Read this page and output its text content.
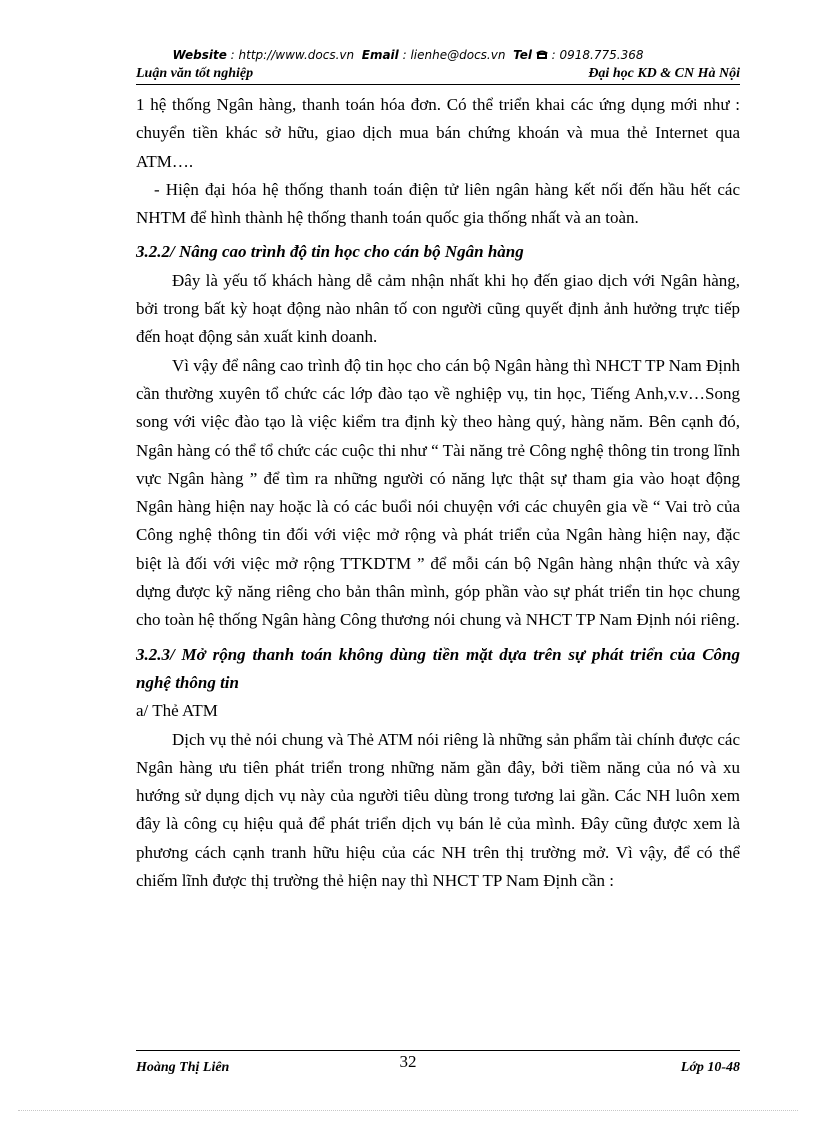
Website : http://www.docs.vn Email : lienhe@docs.vn Tel : 0918.775.368
Luận văn tốt nghiệp	Đại học KD & CN Hà Nội

1 hệ thống Ngân hàng, thanh toán hóa đơn. Có thể triển khai các ứng dụng mới như : chuyển tiền khác sở hữu, giao dịch mua bán chứng khoán và mua thẻ Internet qua ATM….

- Hiện đại hóa hệ thống thanh toán điện tử liên ngân hàng kết nối đến hầu hết các NHTM để hình thành hệ thống thanh toán quốc gia thống nhất và an toàn.

3.2.2/ Nâng cao trình độ tin học cho cán bộ Ngân hàng

Đây là yếu tố khách hàng dễ cảm nhận nhất khi họ đến giao dịch với Ngân hàng, bởi trong bất kỳ hoạt động nào nhân tố con người cũng quyết định ảnh hưởng trực tiếp đến hoạt động sản xuất kinh doanh.

Vì vậy để nâng cao trình độ tin học cho cán bộ Ngân hàng thì NHCT TP Nam Định cần thường xuyên tổ chức các lớp đào tạo về nghiệp vụ, tin học, Tiếng Anh,v.v…Song song với việc đào tạo là việc kiểm tra định kỳ theo hàng quý, hàng năm. Bên cạnh đó, Ngân hàng có thể tổ chức các cuộc thi như “ Tài năng trẻ Công nghệ thông tin trong lĩnh vực Ngân hàng ” để tìm ra những người có năng lực thật sự tham gia vào hoạt động Ngân hàng hiện nay hoặc là có các buổi nói chuyện với các chuyên gia về “ Vai trò của Công nghệ thông tin đối với việc mở rộng và phát triển của Ngân hàng hiện nay, đặc biệt là đối với việc mở rộng TTKDTM ” để mỗi cán bộ Ngân hàng nhận thức và xây dựng được kỹ năng riêng cho bản thân mình, góp phần vào sự phát triển tin học chung cho toàn hệ thống Ngân hàng Công thương nói chung và NHCT TP Nam Định nói riêng.

3.2.3/ Mở rộng thanh toán không dùng tiền mặt dựa trên sự phát triển của Công nghệ thông tin

a/ Thẻ ATM

Dịch vụ thẻ nói chung và Thẻ ATM nói riêng là những sản phẩm tài chính được các Ngân hàng ưu tiên phát triển trong những năm gần đây, bởi tiềm năng của nó và xu hướng sử dụng dịch vụ này của người tiêu dùng trong tương lai gần. Các NH luôn xem đây là công cụ hiệu quả để phát triển dịch vụ bán lẻ của mình. Đây cũng được xem là phương cách cạnh tranh hữu hiệu của các NH trên thị trường mở. Vì vậy, để có thể chiếm lĩnh được thị trường thẻ hiện nay thì NHCT TP Nam Định cần :

Hoàng Thị Liên	32	Lớp 10-48
